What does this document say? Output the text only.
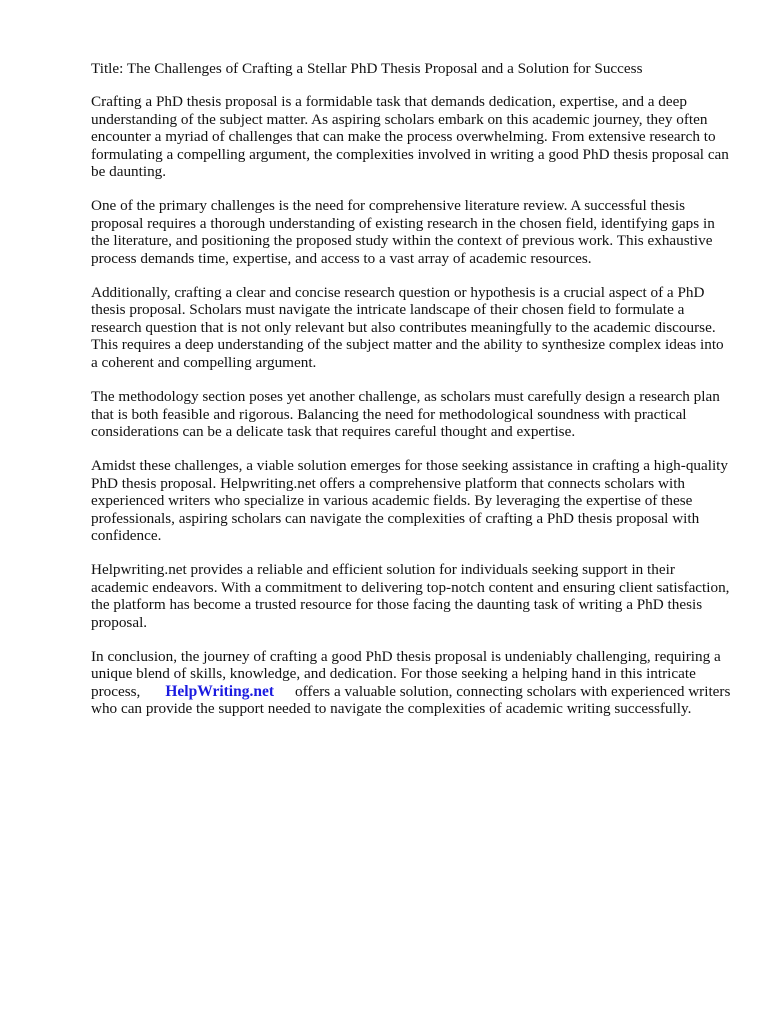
Title: The Challenges of Crafting a Stellar PhD Thesis Proposal and a Solution for Success

Crafting a PhD thesis proposal is a formidable task that demands dedication, expertise, and a deep understanding of the subject matter. As aspiring scholars embark on this academic journey, they often encounter a myriad of challenges that can make the process overwhelming. From extensive research to formulating a compelling argument, the complexities involved in writing a good PhD thesis proposal can be daunting.

One of the primary challenges is the need for comprehensive literature review. A successful thesis proposal requires a thorough understanding of existing research in the chosen field, identifying gaps in the literature, and positioning the proposed study within the context of previous work. This exhaustive process demands time, expertise, and access to a vast array of academic resources.

Additionally, crafting a clear and concise research question or hypothesis is a crucial aspect of a PhD thesis proposal. Scholars must navigate the intricate landscape of their chosen field to formulate a research question that is not only relevant but also contributes meaningfully to the academic discourse. This requires a deep understanding of the subject matter and the ability to synthesize complex ideas into a coherent and compelling argument.

The methodology section poses yet another challenge, as scholars must carefully design a research plan that is both feasible and rigorous. Balancing the need for methodological soundness with practical considerations can be a delicate task that requires careful thought and expertise.

Amidst these challenges, a viable solution emerges for those seeking assistance in crafting a high-quality PhD thesis proposal. Helpwriting.net offers a comprehensive platform that connects scholars with experienced writers who specialize in various academic fields. By leveraging the expertise of these professionals, aspiring scholars can navigate the complexities of crafting a PhD thesis proposal with confidence.

Helpwriting.net provides a reliable and efficient solution for individuals seeking support in their academic endeavors. With a commitment to delivering top-notch content and ensuring client satisfaction, the platform has become a trusted resource for those facing the daunting task of writing a PhD thesis proposal.

In conclusion, the journey of crafting a good PhD thesis proposal is undeniably challenging, requiring a unique blend of skills, knowledge, and dedication. For those seeking a helping hand in this intricate process, HelpWriting.net offers a valuable solution, connecting scholars with experienced writers who can provide the support needed to navigate the complexities of academic writing successfully.
